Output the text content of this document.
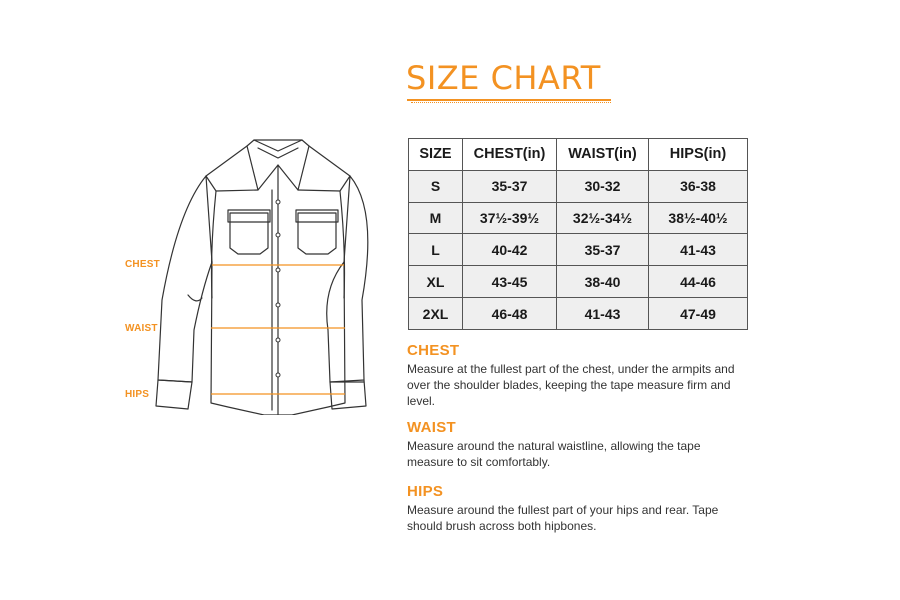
SIZE CHART
CHEST
WAIST
HIPS
SIZE	CHEST(in)	WAIST(in)	HIPS(in)
S	35-37	30-32	36-38
M	37½-39½	32½-34½	38½-40½
L	40-42	35-37	41-43
XL	43-45	38-40	44-46
2XL	46-48	41-43	47-49
CHEST
Measure at the fullest part of the chest, under the armpits and over the shoulder blades, keeping the tape measure firm and level.
WAIST
Measure around the natural waistline, allowing the tape measure to sit comfortably.
HIPS
Measure around the fullest part of your hips and rear. Tape should brush across both hipbones.
